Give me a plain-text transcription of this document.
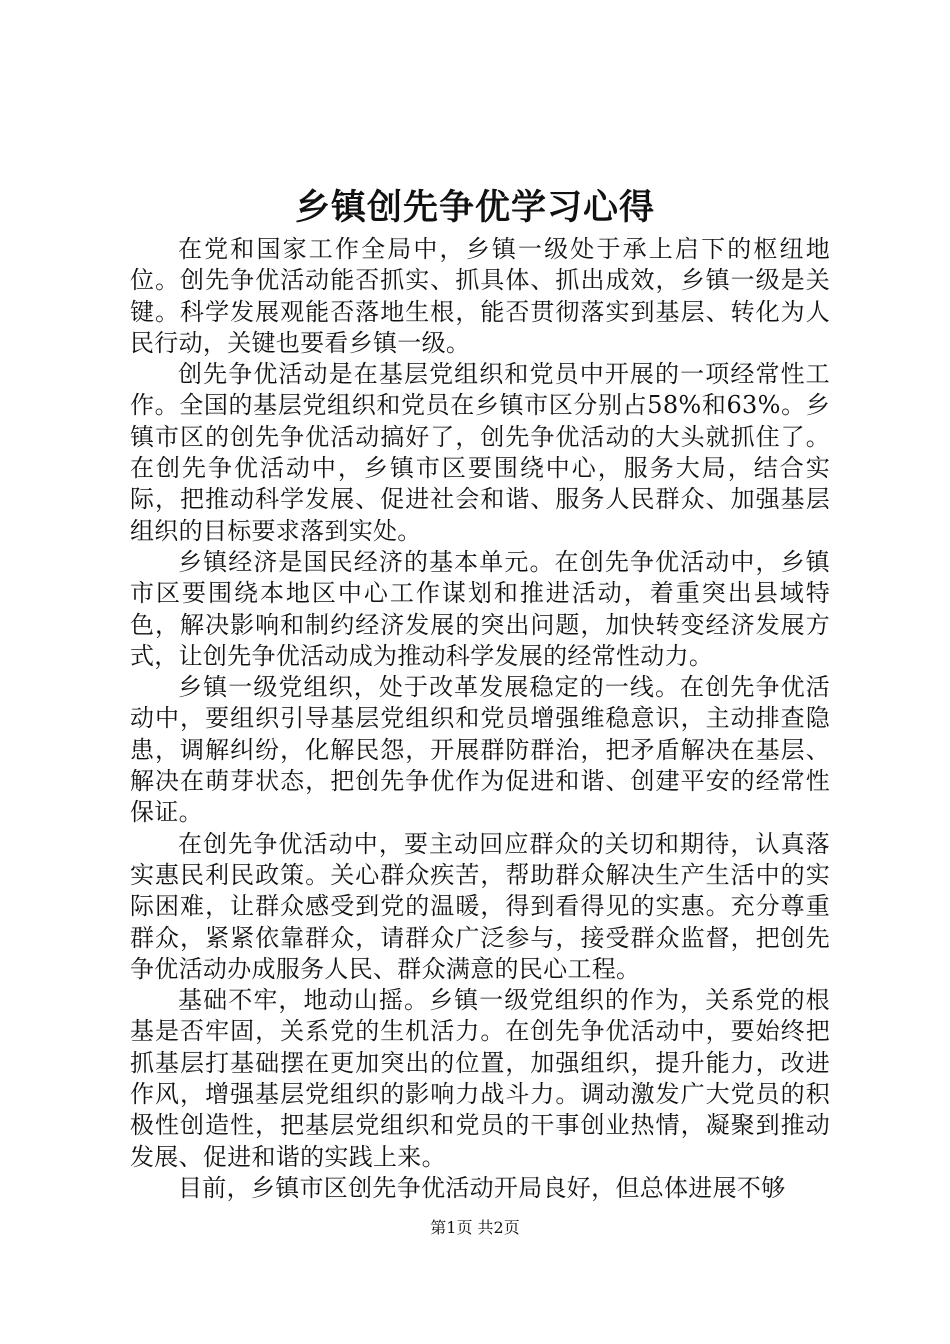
乡镇创先争优学习心得

在党和国家工作全局中，乡镇一级处于承上启下的枢纽地位。创先争优活动能否抓实、抓具体、抓出成效，乡镇一级是关键。科学发展观能否落地生根，能否贯彻落实到基层、转化为人民行动，关键也要看乡镇一级。

创先争优活动是在基层党组织和党员中开展的一项经常性工作。全国的基层党组织和党员在乡镇市区分别占58%和63%。乡镇市区的创先争优活动搞好了，创先争优活动的大头就抓住了。在创先争优活动中，乡镇市区要围绕中心，服务大局，结合实际，把推动科学发展、促进社会和谐、服务人民群众、加强基层组织的目标要求落到实处。

乡镇经济是国民经济的基本单元。在创先争优活动中，乡镇市区要围绕本地区中心工作谋划和推进活动，着重突出县域特色，解决影响和制约经济发展的突出问题，加快转变经济发展方式，让创先争优活动成为推动科学发展的经常性动力。

乡镇一级党组织，处于改革发展稳定的一线。在创先争优活动中，要组织引导基层党组织和党员增强维稳意识，主动排查隐患，调解纠纷，化解民怨，开展群防群治，把矛盾解决在基层、解决在萌芽状态，把创先争优作为促进和谐、创建平安的经常性保证。

在创先争优活动中，要主动回应群众的关切和期待，认真落实惠民利民政策。关心群众疾苦，帮助群众解决生产生活中的实际困难，让群众感受到党的温暖，得到看得见的实惠。充分尊重群众，紧紧依靠群众，请群众广泛参与，接受群众监督，把创先争优活动办成服务人民、群众满意的民心工程。

基础不牢，地动山摇。乡镇一级党组织的作为，关系党的根基是否牢固，关系党的生机活力。在创先争优活动中，要始终把抓基层打基础摆在更加突出的位置，加强组织，提升能力，改进作风，增强基层党组织的影响力战斗力。调动激发广大党员的积极性创造性，把基层党组织和党员的干事创业热情，凝聚到推动发展、促进和谐的实践上来。

目前，乡镇市区创先争优活动开局良好，但总体进展不够

第1页 共2页
